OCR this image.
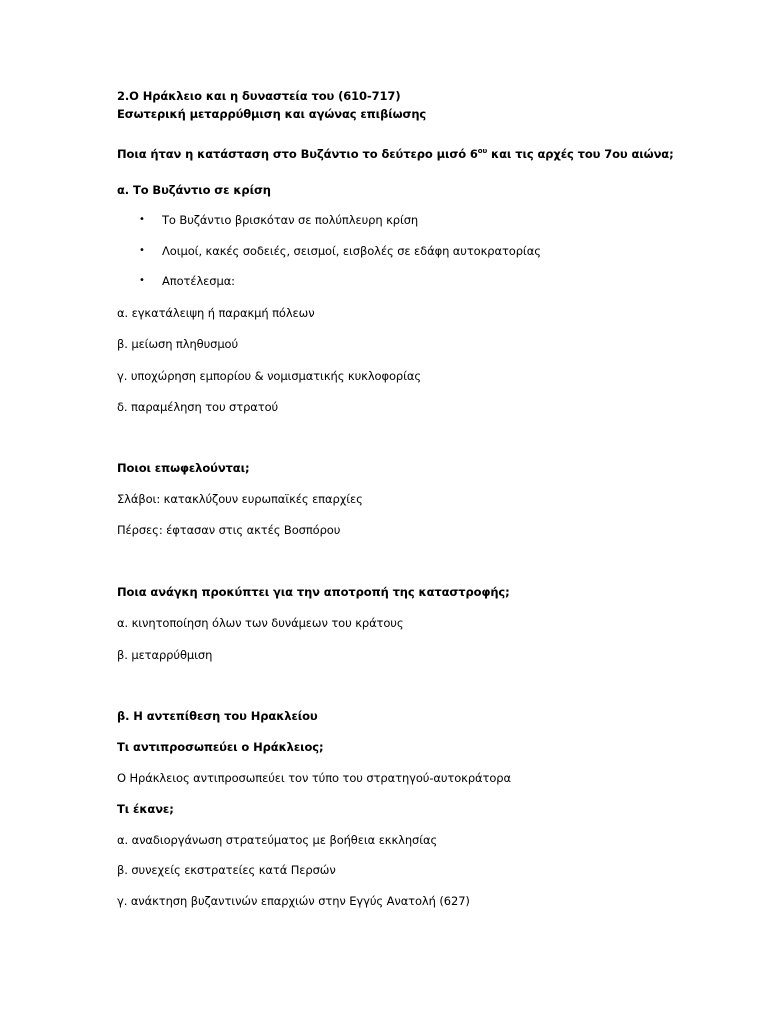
2.Ο Ηράκλειο και η δυναστεία του (610-717)
Εσωτερική μεταρρύθμιση και αγώνας επιβίωσης
Ποια ήταν η κατάσταση στο Βυζάντιο το δεύτερο μισό $6^{o\upsilon}$ και τις αρχές του 7ου αιώνα;
α. Το Βυζάντιο σε κρίση
• Το Βυζάντιο βρισκόταν σε πολύπλευρη κρίση
• Λοιμοί, κακές σοδειές, σεισμοί, εισβολές σε εδάφη αυτοκρατορίας
• Αποτέλεσμα:
α. εγκατάλειψη ή παρακμή πόλεων
β. μείωση πληθυσμού
γ. υποχώρηση εμπορίου & νομισματικής κυκλοφορίας
δ. παραμέληση του στρατού
Ποιοι επωφελούνται;
Σλάβοι: κατακλύζουν ευρωπαϊκές επαρχίες
Πέρσες: έφτασαν στις ακτές Βοσπόρου
Ποια ανάγκη προκύπτει για την αποτροπή της καταστροφής;
α. κινητοποίηση όλων των δυνάμεων του κράτους
β. μεταρρύθμιση
β. Η αντεπίθεση του Ηρακλείου
Τι αντιπροσωπεύει ο Ηράκλειος;
Ο Ηράκλειος αντιπροσωπεύει τον τύπο του στρατηγού-αυτοκράτορα
Τι έκανε;
α. αναδιοργάνωση στρατεύματος με βοήθεια εκκλησίας
β. συνεχείς εκστρατείες κατά Περσών
γ. ανάκτηση βυζαντινών επαρχιών στην Εγγύς Ανατολή (627)
